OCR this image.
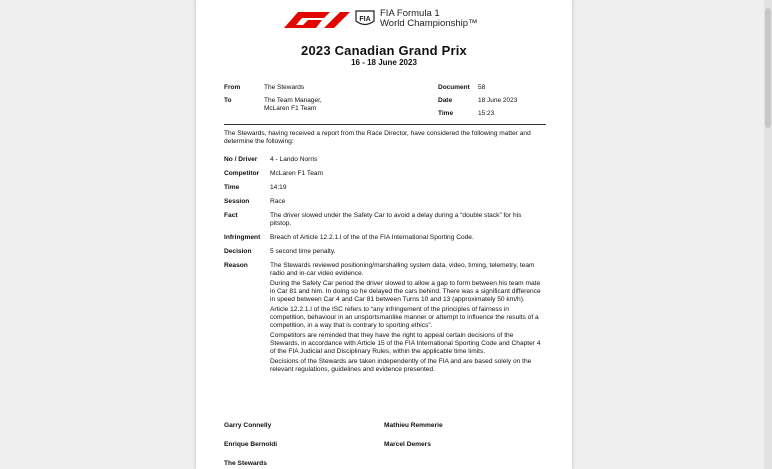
FIA
FIA Formula 1
World Championship™
2023 Canadian Grand Prix
16 - 18 June 2023
From	The Stewards
To	The Team Manager,
McLaren F1 Team
Document 58
Date	18 June 2023
Time	15:23
The Stewards, having received a report from the Race Director, have considered the following matter and determine the following:
No / Driver	4 - Lando Norris
Competitor	McLaren F1 Team
Time	14:19
Session	Race
Fact	The driver slowed under the Safety Car to avoid a delay during a “double stack” for his pitstop.
Infringment	Breach of Article 12.2.1.l of the of the FIA International Sporting Code.
Decision	5 second time penalty.
Reason	The Stewards reviewed positioning/marshalling system data, video, timing, telemetry, team radio and in-car video evidence.

During the Safety Car period the driver slowed to allow a gap to form between his team mate in Car 81 and him. In doing so he delayed the cars behind. There was a significant difference in speed between Car 4 and Car 81 between Turns 10 and 13 (approximately 50 km/h).

Article 12.2.1.l of the ISC refers to “any infringement of the principles of fairness in competition, behaviour in an unsportsmanlike manner or attempt to influence the results of a competition, in a way that is contrary to sporting ethics”.

Competitors are reminded that they have the right to appeal certain decisions of the Stewards, in accordance with Article 15 of the FIA International Sporting Code and Chapter 4 of the FIA Judicial and Disciplinary Rules, within the applicable time limits.

Decisions of the Stewards are taken independently of the FIA and are based solely on the relevant regulations, guidelines and evidence presented.

Garry Connelly	Mathieu Remmerie
Enrique Bernoldi	Marcel Demers
The Stewards
